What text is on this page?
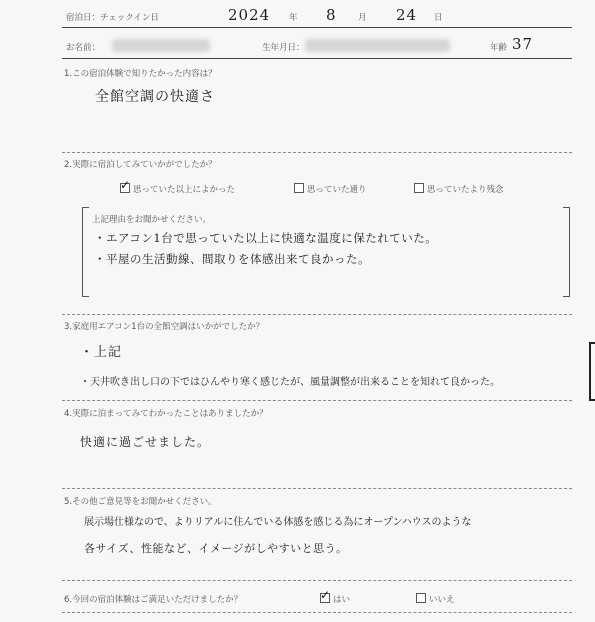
宿泊日：チェックイン日	2024 年 8	月 24 日
お名前：	生年月日：	年齢 37
1.この宿泊体験で知りたかった内容は？
全館空調の快適さ
2.実際に宿泊してみていかがでしたか？
✓ 思っていた以上によかった	思っていた通り	思っていたより残念
上記理由をお聞かせください。
・エアコン1台で思っていた以上に快適な温度に保たれていた。
・平屋の生活動線、間取りを体感出来て良かった。
3.家庭用エアコン1台の全館空調はいかがでしたか？
・上記
・天井吹き出し口の下ではひんやり寒く感じたが、風量調整が出来ることを知れて良かった。
4.実際に泊まってみてわかったことはありましたか？
快適に過ごせました。
5.その他ご意見等をお聞かせください。
展示場仕様なので、よりリアルに住んでいる体感を感じる為にオープンハウスのような
各サイズ、性能など、イメージがしやすいと思う。
6.今回の宿泊体験はご満足いただけましたか？	✓ はい	いいえ
